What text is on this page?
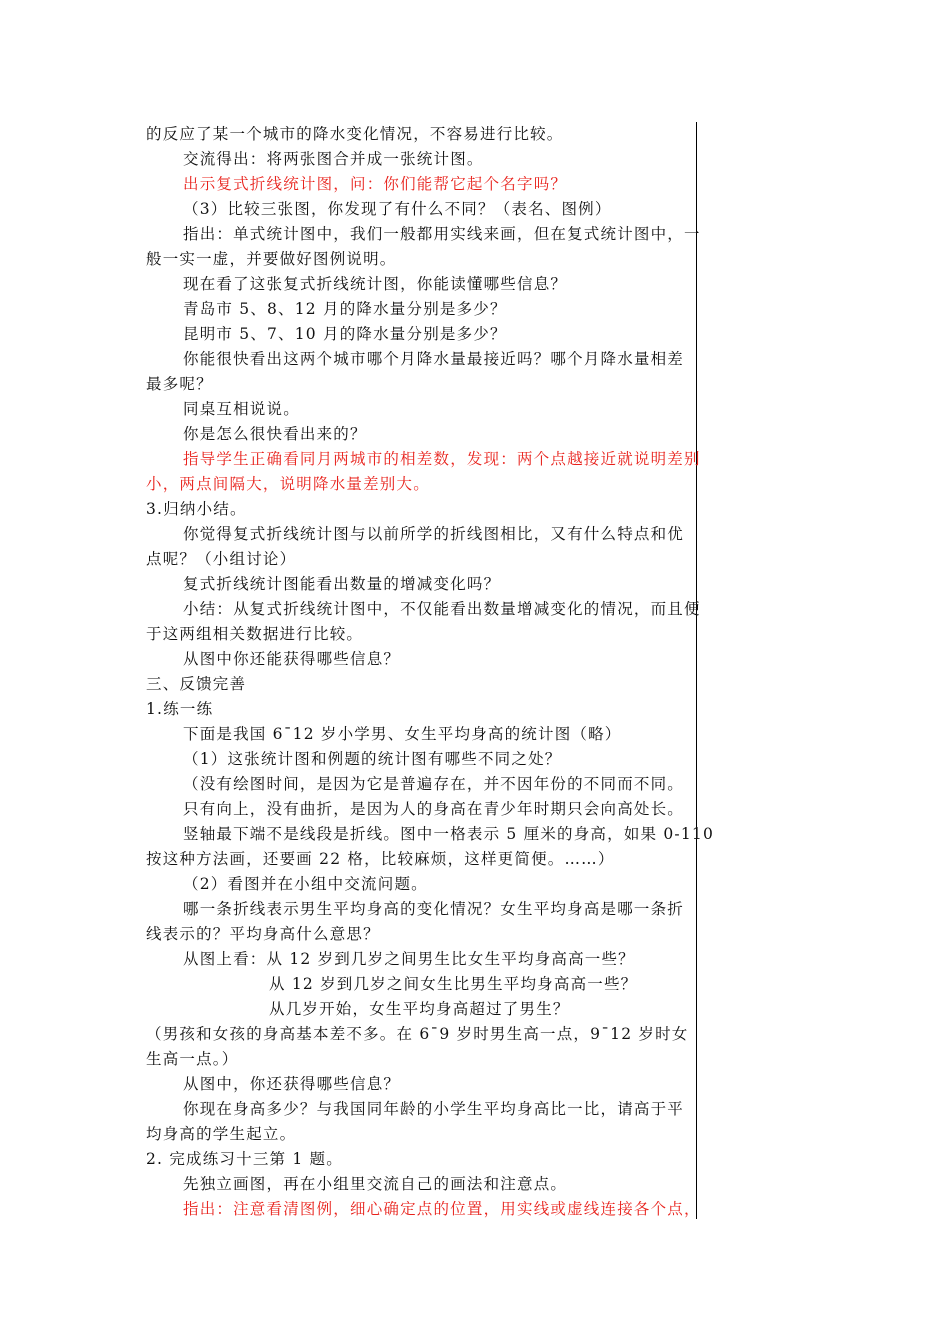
的反应了某一个城市的降水变化情况，不容易进行比较。

交流得出：将两张图合并成一张统计图。

出示复式折线统计图，问：你们能帮它起个名字吗？

（3）比较三张图，你发现了有什么不同？（表名、图例）

指出：单式统计图中，我们一般都用实线来画，但在复式统计图中，一

般一实一虚，并要做好图例说明。

现在看了这张复式折线统计图，你能读懂哪些信息？

青岛市 5、8、12 月的降水量分别是多少？

昆明市 5、7、10 月的降水量分别是多少？

你能很快看出这两个城市哪个月降水量最接近吗？哪个月降水量相差

最多呢？

同桌互相说说。

你是怎么很快看出来的？

指导学生正确看同月两城市的相差数，发现：两个点越接近就说明差别

小，两点间隔大，说明降水量差别大。

3.归纳小结。

你觉得复式折线统计图与以前所学的折线图相比，又有什么特点和优

点呢？（小组讨论）

复式折线统计图能看出数量的增减变化吗？

小结：从复式折线统计图中，不仅能看出数量增减变化的情况，而且便

于这两组相关数据进行比较。

从图中你还能获得哪些信息？

三、反馈完善

1.练一练

下面是我国 6¯12 岁小学男、女生平均身高的统计图（略）

（1）这张统计图和例题的统计图有哪些不同之处？

（没有绘图时间，是因为它是普遍存在，并不因年份的不同而不同。

只有向上，没有曲折，是因为人的身高在青少年时期只会向高处长。

竖轴最下端不是线段是折线。图中一格表示 5 厘米的身高，如果 0-110

按这种方法画，还要画 22 格，比较麻烦，这样更简便。……）

（2）看图并在小组中交流问题。

哪一条折线表示男生平均身高的变化情况？女生平均身高是哪一条折

线表示的？平均身高什么意思？

从图上看：从 12 岁到几岁之间男生比女生平均身高高一些？

从 12 岁到几岁之间女生比男生平均身高高一些？

从几岁开始，女生平均身高超过了男生？

（男孩和女孩的身高基本差不多。在 6¯9 岁时男生高一点，9¯12 岁时女

生高一点。）

从图中，你还获得哪些信息？

你现在身高多少？与我国同年龄的小学生平均身高比一比，请高于平

均身高的学生起立。

2. 完成练习十三第 1 题。

先独立画图，再在小组里交流自己的画法和注意点。

指出：注意看清图例，细心确定点的位置，用实线或虚线连接各个点，
